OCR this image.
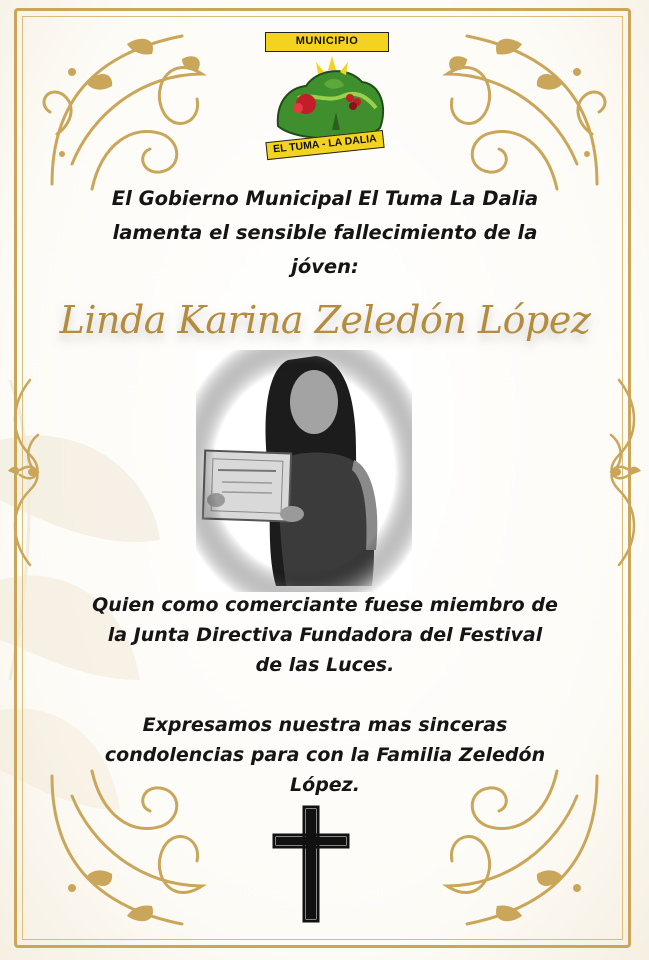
MUNICIPIO
EL TUMA - LA DALIA
El Gobierno Municipal El Tuma La Dalia
lamenta el sensible fallecimiento de la
jóven:
Linda Karina Zeledón López
Quien como comerciante fuese miembro de
la Junta Directiva Fundadora del Festival
de las Luces.
Expresamos nuestra mas sinceras
condolencias para con la Familia Zeledón
López.
